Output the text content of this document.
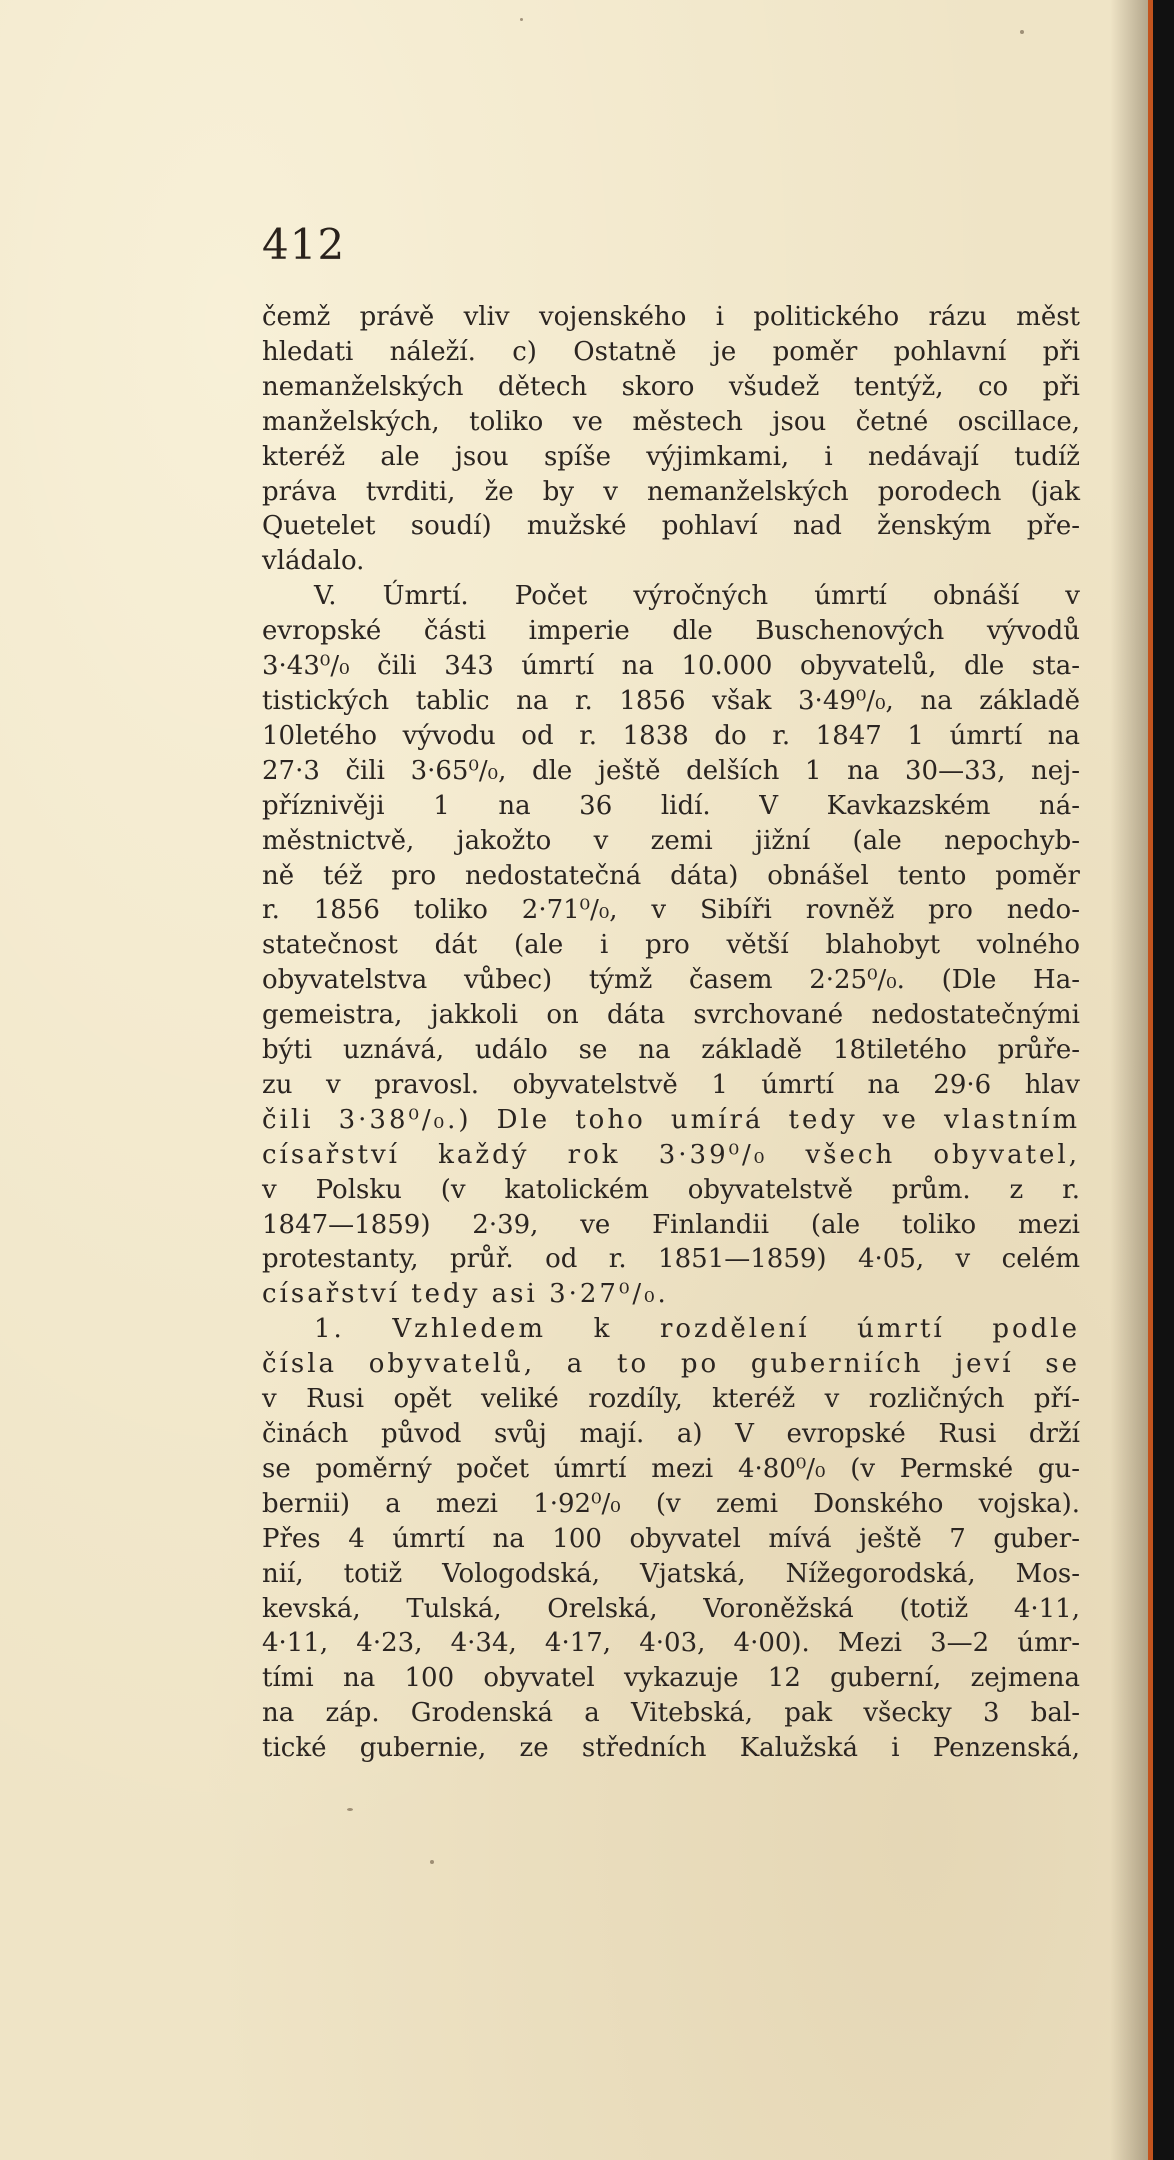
412
čemž právě vliv vojenského i politického rázu měst
hledati náleží. c) Ostatně je poměr pohlavní při
nemanželských dětech skoro všudež tentýž, co při
manželských, toliko ve městech jsou četné oscillace,
kteréž ale jsou spíše výjimkami, i nedávají tudíž
práva tvrditi, že by v nemanželských porodech (jak
Quetelet soudí) mužské pohlaví nad ženským pře-
vládalo.
V. Úmrtí. Počet výročných úmrtí obnáší v
evropské části imperie dle Buschenových vývodů
3·43⁰/₀ čili 343 úmrtí na 10.000 obyvatelů, dle sta-
tistických tablic na r. 1856 však 3·49⁰/₀, na základě
10letého vývodu od r. 1838 do r. 1847 1 úmrtí na
27·3 čili 3·65⁰/₀, dle ještě delších 1 na 30—33, nej-
příznivěji 1 na 36 lidí. V Kavkazském ná-
městnictvě, jakožto v zemi jižní (ale nepochyb-
ně též pro nedostatečná dáta) obnášel tento poměr
r. 1856 toliko 2·71⁰/₀, v Sibíři rovněž pro nedo-
statečnost dát (ale i pro větší blahobyt volného
obyvatelstva vůbec) týmž časem 2·25⁰/₀. (Dle Ha-
gemeistra, jakkoli on dáta svrchované nedostatečnými
býti uznává, událo se na základě 18tiletého průře-
zu v pravosl. obyvatelstvě 1 úmrtí na 29·6 hlav
čili 3·38⁰/₀.) Dle toho umírá tedy ve vlastním
císařství každý rok 3·39⁰/₀ všech obyvatel,
v Polsku (v katolickém obyvatelstvě prům. z r.
1847—1859) 2·39, ve Finlandii (ale toliko mezi
protestanty, průř. od r. 1851—1859) 4·05, v celém
císařství tedy asi 3·27⁰/₀.
1. Vzhledem k rozdělení úmrtí podle
čísla obyvatelů, a to po guberniích jeví se
v Rusi opět veliké rozdíly, kteréž v rozličných pří-
činách původ svůj mají. a) V evropské Rusi drží
se poměrný počet úmrtí mezi 4·80⁰/₀ (v Permské gu-
bernii) a mezi 1·92⁰/₀ (v zemi Donského vojska).
Přes 4 úmrtí na 100 obyvatel mívá ještě 7 guber-
nií, totiž Vologodská, Vjatská, Nížegorodská, Mos-
kevská, Tulská, Orelská, Voroněžská (totiž 4·11,
4·11, 4·23, 4·34, 4·17, 4·03, 4·00). Mezi 3—2 úmr-
tími na 100 obyvatel vykazuje 12 guberní, zejmena
na záp. Grodenská a Vitebská, pak všecky 3 bal-
tické gubernie, ze středních Kalužská i Penzenská,
